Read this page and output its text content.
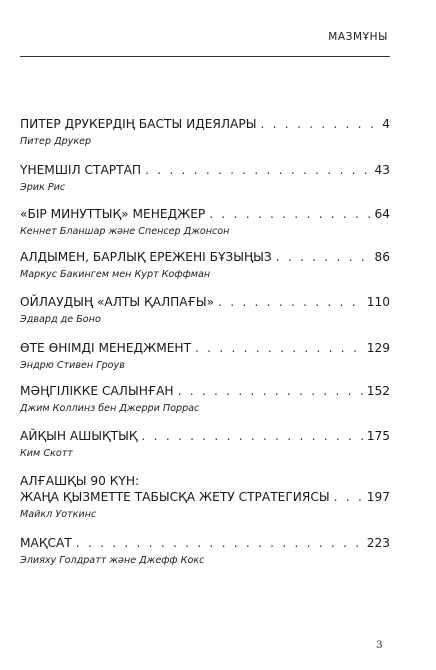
МАЗМҰНЫ
ПИТЕР ДРУКЕРДІҢ БАСТЫ ИДЕЯЛАРЫ . . .	4
Питер Друкер
ҮНЕМШІЛ СТАРТАП . . .	43
Эрик Рис
«БІР МИНУТТЫҚ» МЕНЕДЖЕР . . .	64
Кеннет Бланшар және Спенсер Джонсон
АЛДЫМЕН, БАРЛЫҚ ЕРЕЖЕНІ БҰЗЫҢЫЗ . . .	86
Маркус Бакингем мен Курт Коффман
ОЙЛАУДЫҢ «АЛТЫ ҚАЛПАҒЫ» . . .	110
Эдвард де Боно
ӨТЕ ӨНІМДІ МЕНЕДЖМЕНТ . . .	129
Эндрю Стивен Гроув
МӘҢГІЛІККЕ САЛЫНҒАН . . .	152
Джим Коллинз бен Джерри Поррас
АЙҚЫН АШЫҚТЫҚ . . .	175
Ким Скотт
АЛҒАШҚЫ 90 КҮН:
ЖАҢА ҚЫЗМЕТТЕ ТАБЫСҚА ЖЕТУ СТРАТЕГИЯСЫ . . .	197
Майкл Уоткинс
МАҚСАТ . . .	223
Элияху Голдратт және Джефф Кокс
3
